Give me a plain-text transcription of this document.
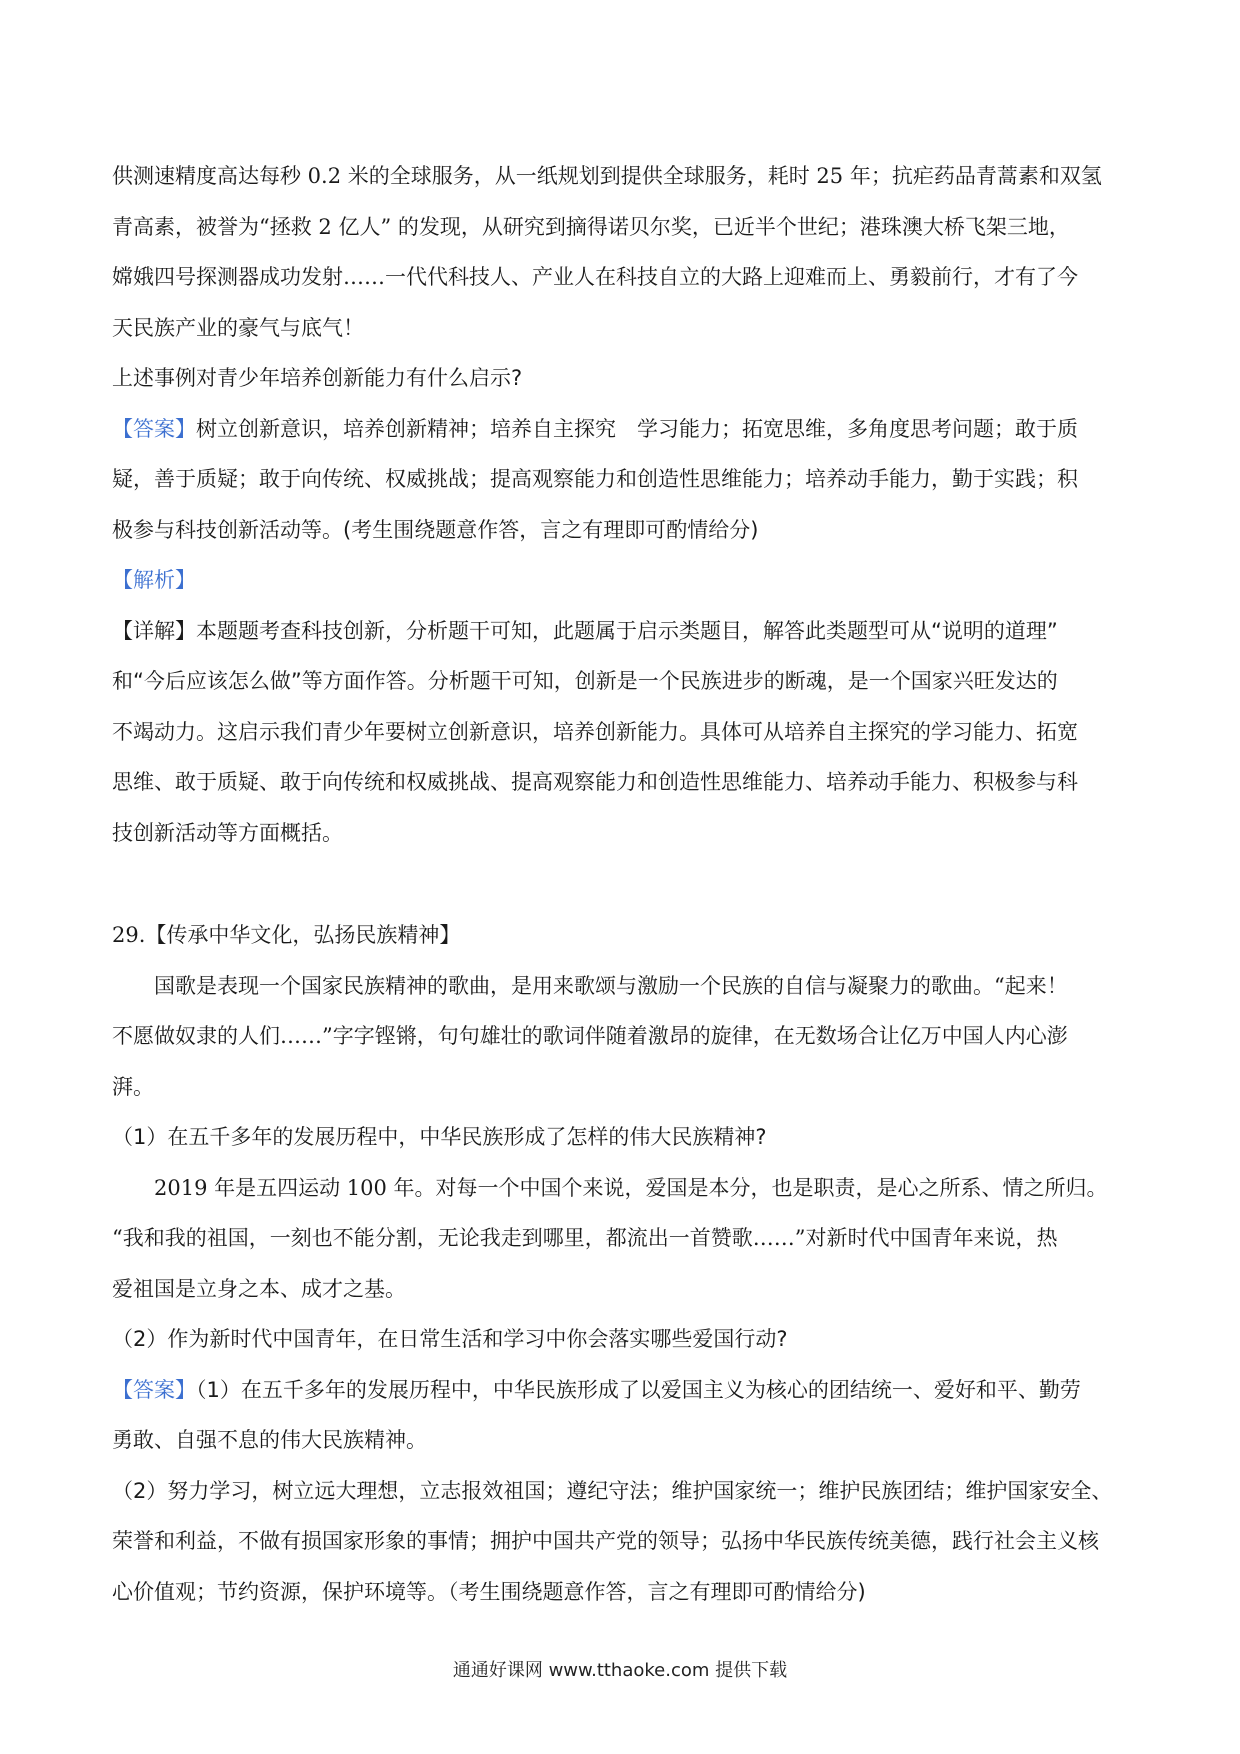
供测速精度高达每秒 0.2 米的全球服务，从一纸规划到提供全球服务，耗时 25 年；抗疟药品青蒿素和双氢
青高素，被誉为“拯救 2 亿人” 的发现，从研究到摘得诺贝尔奖，已近半个世纪；港珠澳大桥飞架三地，
嫦娥四号探测器成功发射……一代代科技人、产业人在科技自立的大路上迎难而上、勇毅前行，才有了今
天民族产业的豪气与底气！
上述事例对青少年培养创新能力有什么启示?
【答案】树立创新意识，培养创新精神；培养自主探究　学习能力；拓宽思维，多角度思考问题；敢于质
疑，善于质疑；敢于向传统、权威挑战；提高观察能力和创造性思维能力；培养动手能力，勤于实践；积
极参与科技创新活动等。(考生围绕题意作答，言之有理即可酌情给分)
【解析】
【详解】本题题考查科技创新，分析题干可知，此题属于启示类题目，解答此类题型可从“说明的道理”
和“今后应该怎么做”等方面作答。分析题干可知，创新是一个民族进步的断魂，是一个国家兴旺发达的
不竭动力。这启示我们青少年要树立创新意识，培养创新能力。具体可从培养自主探究的学习能力、拓宽
思维、敢于质疑、敢于向传统和权威挑战、提高观察能力和创造性思维能力、培养动手能力、积极参与科
技创新活动等方面概括。
29.【传承中华文化，弘扬民族精神】
国歌是表现一个国家民族精神的歌曲，是用来歌颂与激励一个民族的自信与凝聚力的歌曲。“起来！
不愿做奴隶的人们……”字字铿锵，句句雄壮的歌词伴随着激昂的旋律，在无数场合让亿万中国人内心澎
湃。
（1）在五千多年的发展历程中，中华民族形成了怎样的伟大民族精神?
2019 年是五四运动 100 年。对每一个中国个来说，爱国是本分，也是职责，是心之所系、情之所归。
“我和我的祖国，一刻也不能分割，无论我走到哪里，都流出一首赞歌……”对新时代中国青年来说，热
爱祖国是立身之本、成才之基。
（2）作为新时代中国青年，在日常生活和学习中你会落实哪些爱国行动?
【答案】（1）在五千多年的发展历程中，中华民族形成了以爱国主义为核心的团结统一、爱好和平、勤劳
勇敢、自强不息的伟大民族精神。
（2）努力学习，树立远大理想，立志报效祖国；遵纪守法；维护国家统一；维护民族团结；维护国家安全、
荣誉和利益，不做有损国家形象的事情；拥护中国共产党的领导；弘扬中华民族传统美德，践行社会主义核
心价值观；节约资源，保护环境等。（考生围绕题意作答，言之有理即可酌情给分)
通通好课网 www.tthaoke.com 提供下载
